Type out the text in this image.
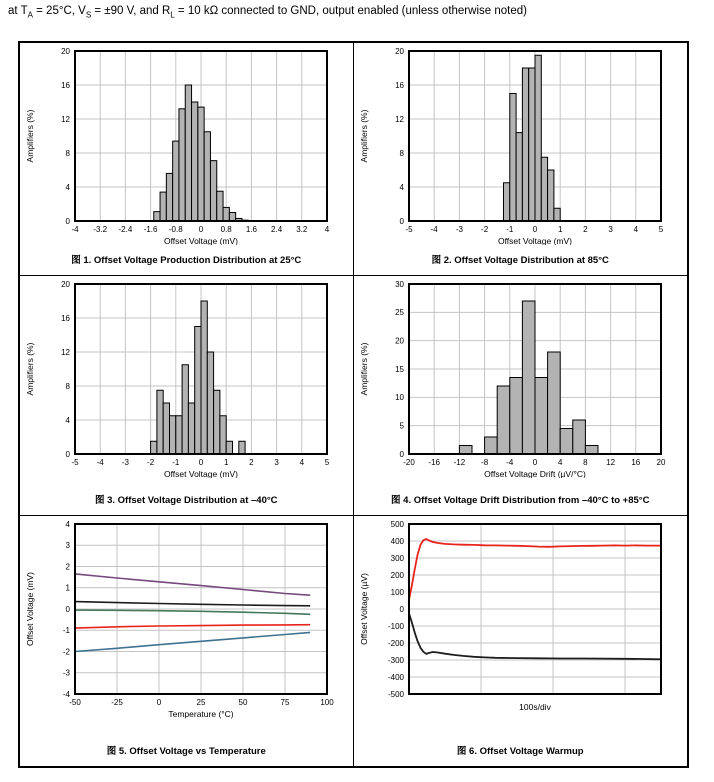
at $T_A = 25^\circ C$, $V_S = \pm 90$ V, and $R_L = 10$ kΩ connected to GND, output enabled (unless otherwise noted)
0
4
8
12
16
20
-4 -3.2 -2.4 -1.6 -0.8 0 0.8 1.6 2.4 3.2 4
Offset Voltage (mV)
Amplifiers (%)
图 1. Offset Voltage Production Distribution at 25°C
0
4
8
12
16
20
-5 -4 -3 -2 -1 0	1	2	3	4	5
Offset Voltage (mV)
Amplifiers (%)
图 2. Offset Voltage Distribution at 85°C
0
4
8
12
16
20
-5 -4 -3 -2 -1 0	1	2	3	4	5
Offset Voltage (mV)
Amplifiers (%)
图 3. Offset Voltage Distribution at –40°C
0
5
10
15
20
25
30
-20 -16 -12 -8 -4 0	4	8 12 16 20
Offset Voltage Drift (µV/°C)
Amplifiers (%)
图 4. Offset Voltage Drift Distribution from –40°C to +85°C
-4
-3
-2
-1
0
1
2
3
4
-50	-25	0	25	50	75	100
Temperature (°C)
Offset Voltage (mV)
图 5. Offset Voltage vs Temperature
-500
-400
-300
-200
-100
0
100
200
300
400
500
100s/div
Offset Voltage (µV)
图 6. Offset Voltage Warmup
